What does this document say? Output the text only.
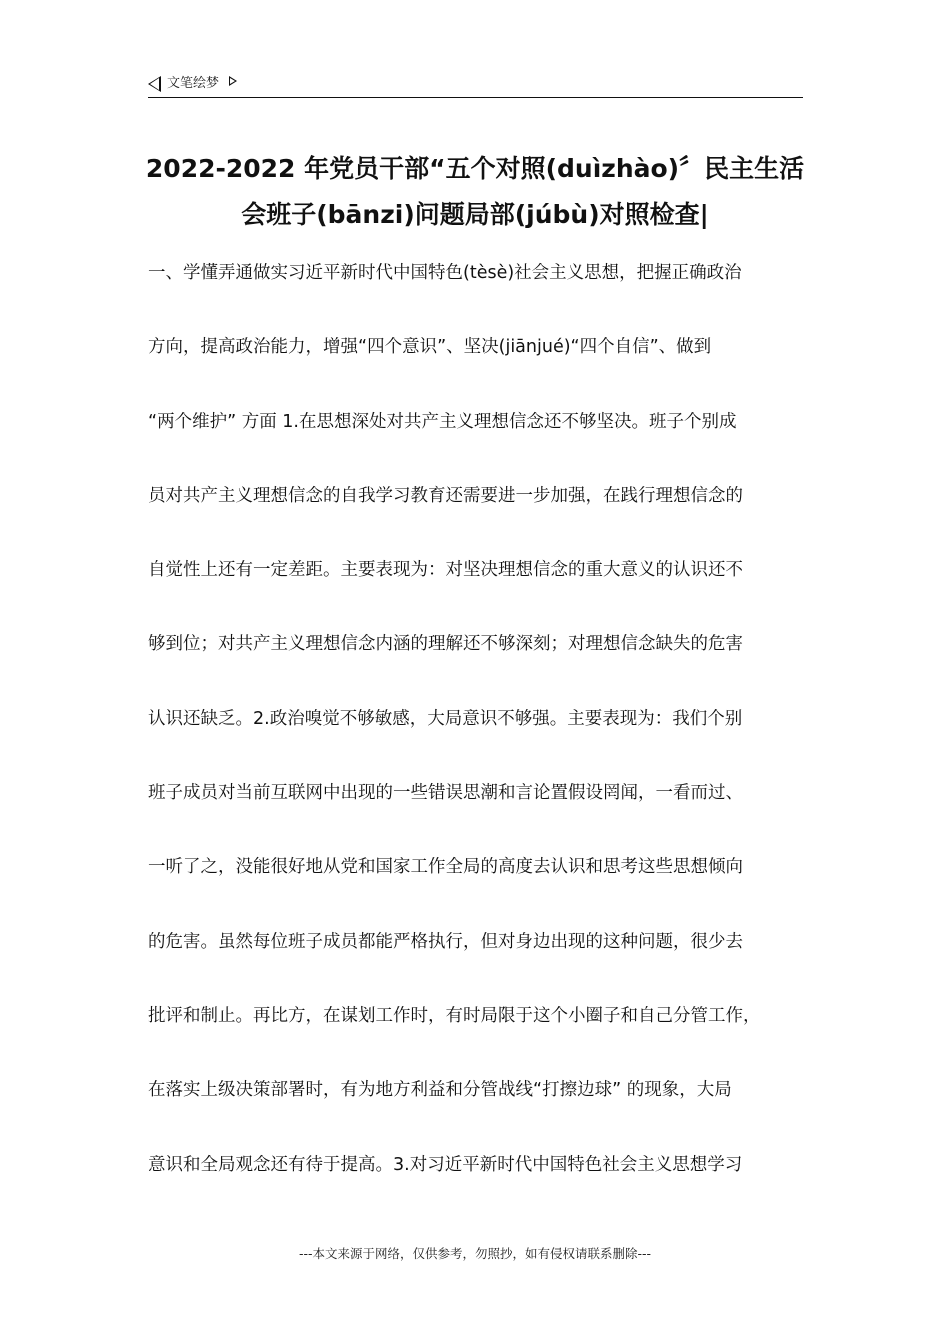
文笔绘梦
2022-2022 年党员干部“五个对照(duìzhào)〞民主生活
会班子(bānzi)问题局部(júbù)对照检查|
一、学懂弄通做实习近平新时代中国特色(tèsè)社会主义思想，把握正确政治
方向，提高政治能力，增强“四个意识”、坚决(jiānjué)“四个自信”、做到
“两个维护” 方面 1.在思想深处对共产主义理想信念还不够坚决。班子个别成
员对共产主义理想信念的自我学习教育还需要进一步加强，在践行理想信念的
自觉性上还有一定差距。主要表现为：对坚决理想信念的重大意义的认识还不
够到位；对共产主义理想信念内涵的理解还不够深刻；对理想信念缺失的危害
认识还缺乏。2.政治嗅觉不够敏感，大局意识不够强。主要表现为：我们个别
班子成员对当前互联网中出现的一些错误思潮和言论置假设罔闻，一看而过、
一听了之，没能很好地从党和国家工作全局的高度去认识和思考这些思想倾向
的危害。虽然每位班子成员都能严格执行，但对身边出现的这种问题，很少去
批评和制止。再比方，在谋划工作时，有时局限于这个小圈子和自己分管工作，
在落实上级决策部署时，有为地方利益和分管战线“打擦边球” 的现象，大局
意识和全局观念还有待于提高。3.对习近平新时代中国特色社会主义思想学习
---本文来源于网络，仅供参考，勿照抄，如有侵权请联系删除---
